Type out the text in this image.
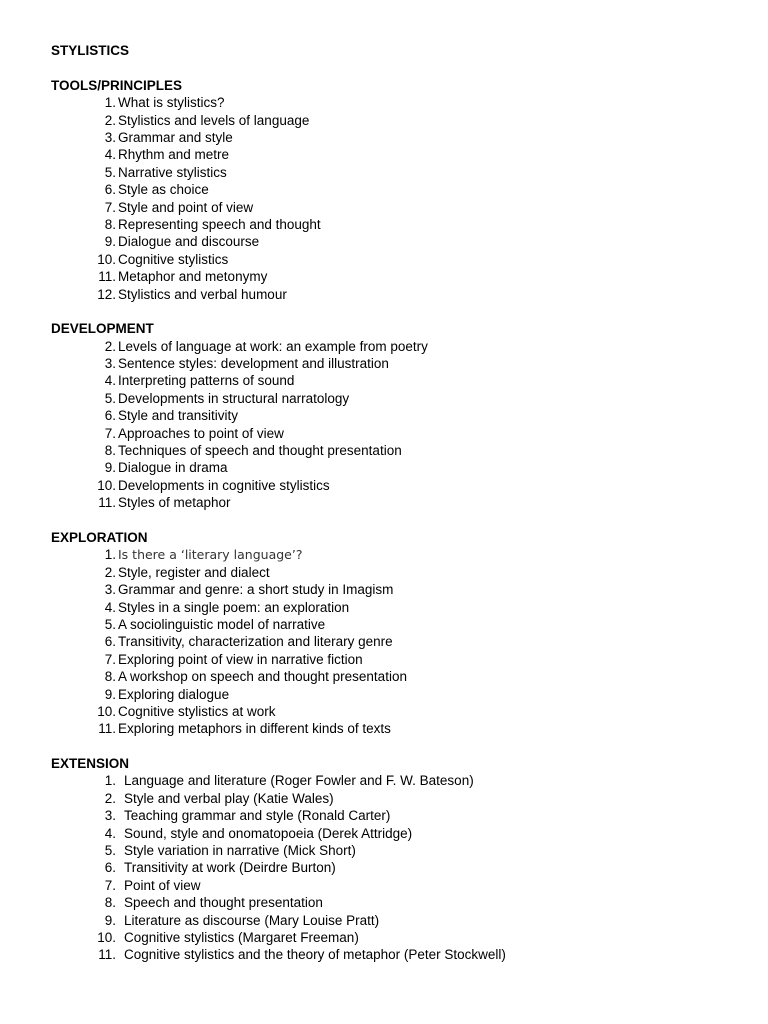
STYLISTICS
TOOLS/PRINCIPLES
1. What is stylistics?
2. Stylistics and levels of language
3. Grammar and style
4. Rhythm and metre
5. Narrative stylistics
6. Style as choice
7. Style and point of view
8. Representing speech and thought
9. Dialogue and discourse
10. Cognitive stylistics
11. Metaphor and metonymy
12. Stylistics and verbal humour
DEVELOPMENT
2. Levels of language at work: an example from poetry
3. Sentence styles: development and illustration
4. Interpreting patterns of sound
5. Developments in structural narratology
6. Style and transitivity
7. Approaches to point of view
8. Techniques of speech and thought presentation
9. Dialogue in drama
10. Developments in cognitive stylistics
11. Styles of metaphor
EXPLORATION
1. Is there a ‘literary language’?
2. Style, register and dialect
3. Grammar and genre: a short study in Imagism
4. Styles in a single poem: an exploration
5. A sociolinguistic model of narrative
6. Transitivity, characterization and literary genre
7. Exploring point of view in narrative fiction
8. A workshop on speech and thought presentation
9. Exploring dialogue
10. Cognitive stylistics at work
11. Exploring metaphors in different kinds of texts
EXTENSION
1. Language and literature (Roger Fowler and F. W. Bateson)
2. Style and verbal play (Katie Wales)
3. Teaching grammar and style (Ronald Carter)
4. Sound, style and onomatopoeia (Derek Attridge)
5. Style variation in narrative (Mick Short)
6. Transitivity at work (Deirdre Burton)
7. Point of view
8. Speech and thought presentation
9. Literature as discourse (Mary Louise Pratt)
10. Cognitive stylistics (Margaret Freeman)
11. Cognitive stylistics and the theory of metaphor (Peter Stockwell)
